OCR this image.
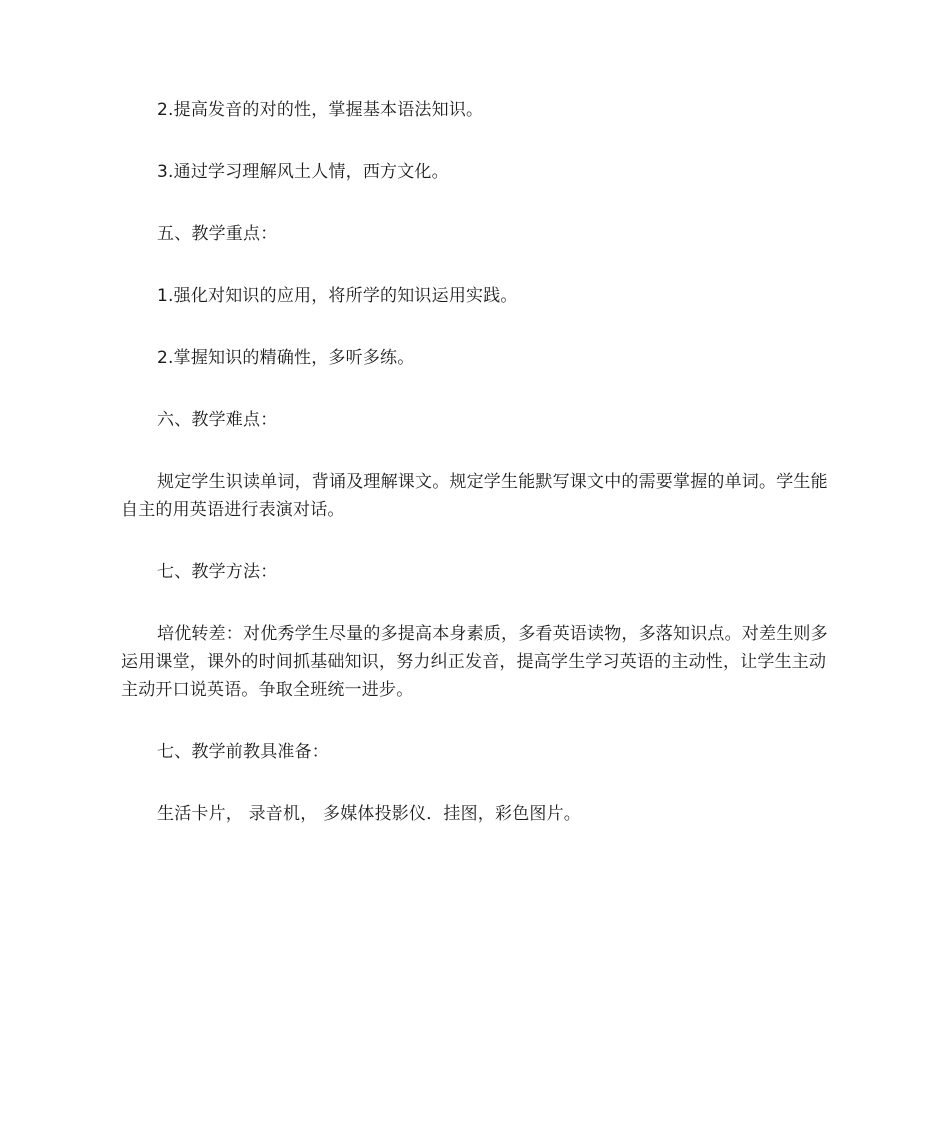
2.提高发音的对的性，掌握基本语法知识。

3.通过学习理解风土人情，西方文化。

五、教学重点：

1.强化对知识的应用，将所学的知识运用实践。

2.掌握知识的精确性，多听多练。

六、教学难点：

规定学生识读单词，背诵及理解课文。规定学生能默写课文中的需要掌握的单词。学生能自主的用英语进行表演对话。

七、教学方法：

培优转差：对优秀学生尽量的多提高本身素质，多看英语读物，多落知识点。对差生则多运用课堂，课外的时间抓基础知识，努力纠正发音，提高学生学习英语的主动性，让学生主动主动开口说英语。争取全班统一进步。

七、教学前教具准备：

生活卡片， 录音机， 多媒体投影仪．挂图，彩色图片。
